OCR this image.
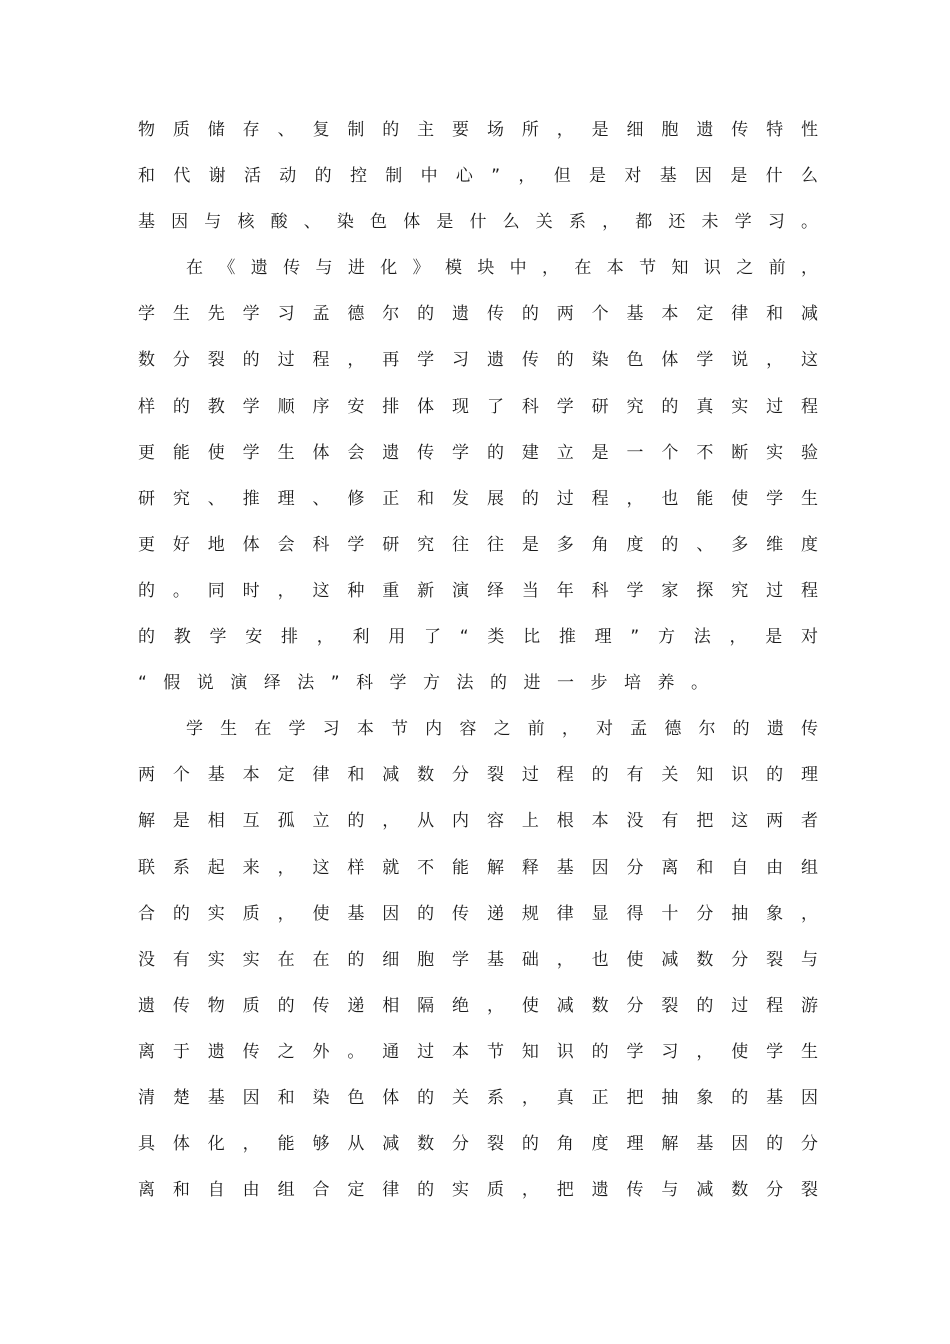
物质储存、复制的主要场所，是细胞遗传特性
和代谢活动的控制中心”，但是对基因是什么
基因与核酸、染色体是什么关系，都还未学习。
在《遗传与进化》模块中，在本节知识之前，
学生先学习孟德尔的遗传的两个基本定律和减
数分裂的过程，再学习遗传的染色体学说，这
样的教学顺序安排体现了科学研究的真实过程
更能使学生体会遗传学的建立是一个不断实验
研究、推理、修正和发展的过程，也能使学生
更好地体会科学研究往往是多角度的、多维度
的。同时，这种重新演绎当年科学家探究过程
的教学安排，利用了“类比推理”方法，是对
“假说演绎法”科学方法的进一步培养。
学生在学习本节内容之前，对孟德尔的遗传
两个基本定律和减数分裂过程的有关知识的理
解是相互孤立的，从内容上根本没有把这两者
联系起来，这样就不能解释基因分离和自由组
合的实质，使基因的传递规律显得十分抽象，
没有实实在在的细胞学基础，也使减数分裂与
遗传物质的传递相隔绝，使减数分裂的过程游
离于遗传之外。通过本节知识的学习，使学生
清楚基因和染色体的关系，真正把抽象的基因
具体化，能够从减数分裂的角度理解基因的分
离和自由组合定律的实质，把遗传与减数分裂
